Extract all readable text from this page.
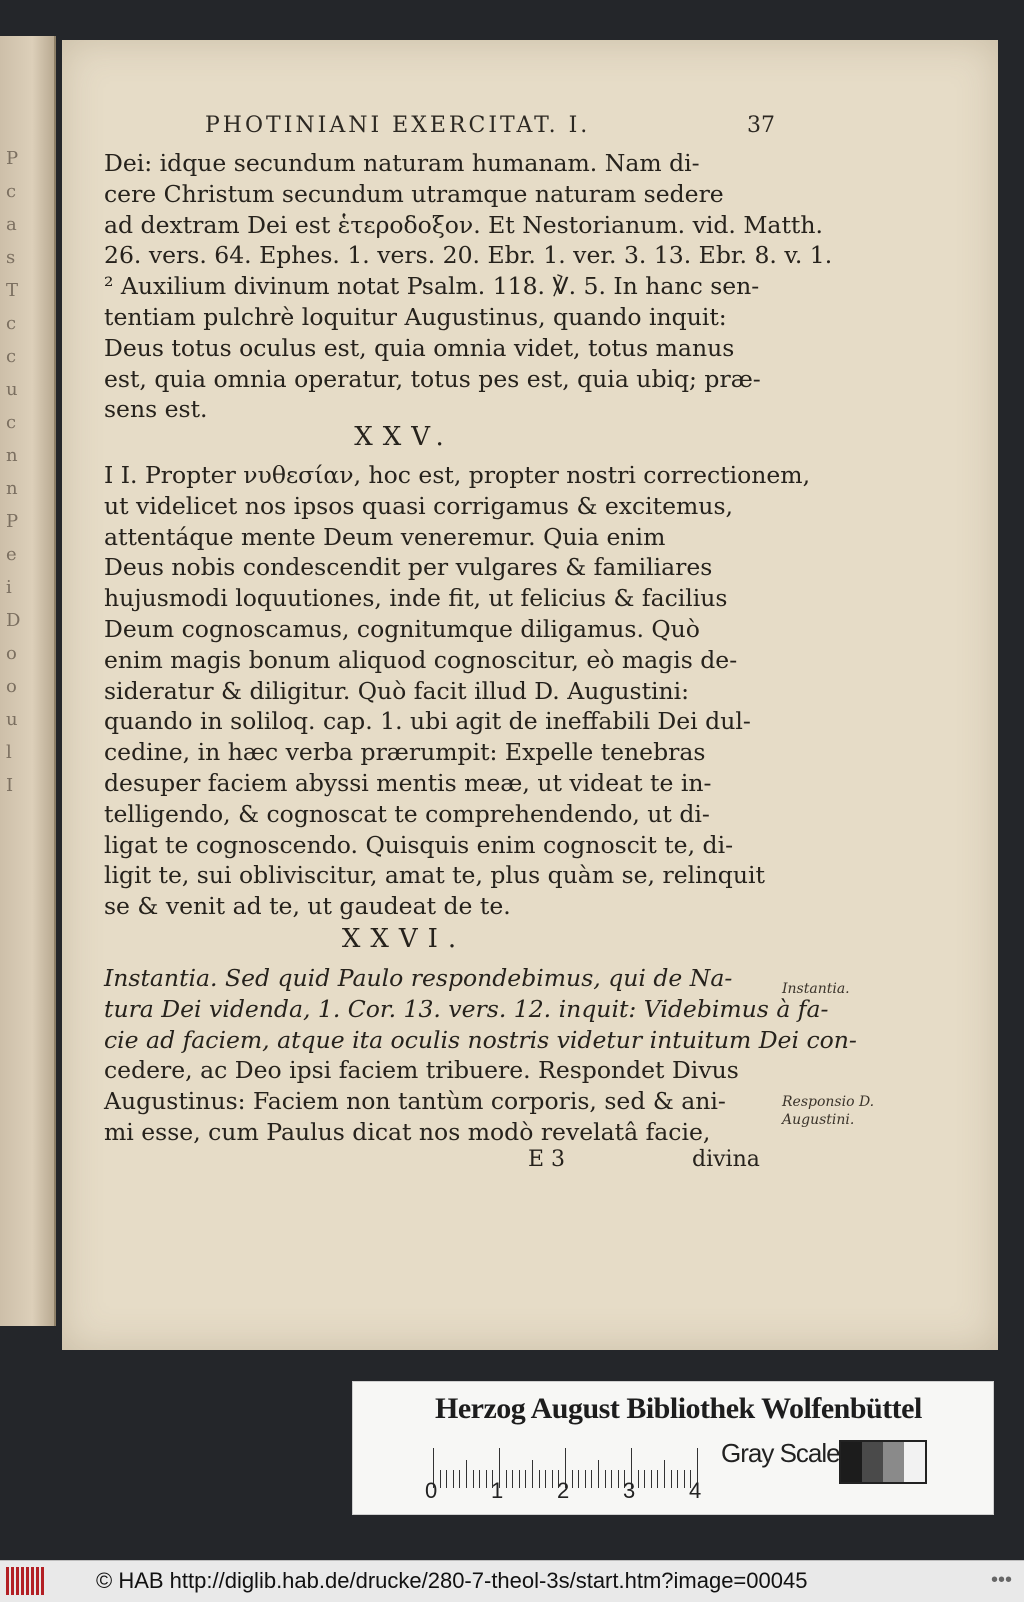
P
c
a
s
T
c
c
u
c
n
n
P
e
i
D
o
o
u
l
I
PHOTINIANI EXERCITAT. I.	37
Dei: idque secundum naturam humanam. Nam di-
cere Christum secundum utramque naturam sedere
ad dextram Dei est ἑτεροδοξον. Et Nestorianum. vid. Matth.
26. vers. 64. Ephes. 1. vers. 20. Ebr. 1. ver. 3. 13. Ebr. 8. v. 1.
² Auxilium divinum notat Psalm. 118. ℣. 5. In hanc sen-
tentiam pulchrè loquitur Augustinus, quando inquit:
Deus totus oculus est, quia omnia videt, totus manus
est, quia omnia operatur, totus pes est, quia ubiq; præ-
sens est.
XXV.
I I. Propter νυθεσίαν, hoc est, propter nostri correctionem,
ut videlicet nos ipsos quasi corrigamus & excitemus,
attentáque mente Deum veneremur. Quia enim
Deus nobis condescendit per vulgares & familiares
hujusmodi loquutiones, inde fit, ut felicius & facilius
Deum cognoscamus, cognitumque diligamus. Quò
enim magis bonum aliquod cognoscitur, eò magis de-
sideratur & diligitur. Quò facit illud D. Augustini:
quando in soliloq. cap. 1. ubi agit de ineffabili Dei dul-
cedine, in hæc verba prærumpit: Expelle tenebras
desuper faciem abyssi mentis meæ, ut videat te in-
telligendo, & cognoscat te comprehendendo, ut di-
ligat te cognoscendo. Quisquis enim cognoscit te, di-
ligit te, sui obliviscitur, amat te, plus quàm se, relinquit
se & venit ad te, ut gaudeat de te.
XXVI.
Instantia. Sed quid Paulo respondebimus, qui de Na-
tura Dei videnda, 1. Cor. 13. vers. 12. inquit: Videbimus à fa-
cie ad faciem, atque ita oculis nostris videtur intuitum Dei con-
cedere, ac Deo ipsi faciem tribuere. Respondet Divus
Augustinus: Faciem non tantùm corporis, sed & ani-
mi esse, cum Paulus dicat nos modò revelatâ facie,
E 3	divina
Instantia.
Responsio D. Augustini.
Herzog August Bibliothek Wolfenbüttel
Gray Scale
0 1 2 3 4
© HAB http://diglib.hab.de/drucke/280-7-theol-3s/start.htm?image=00045	•••
